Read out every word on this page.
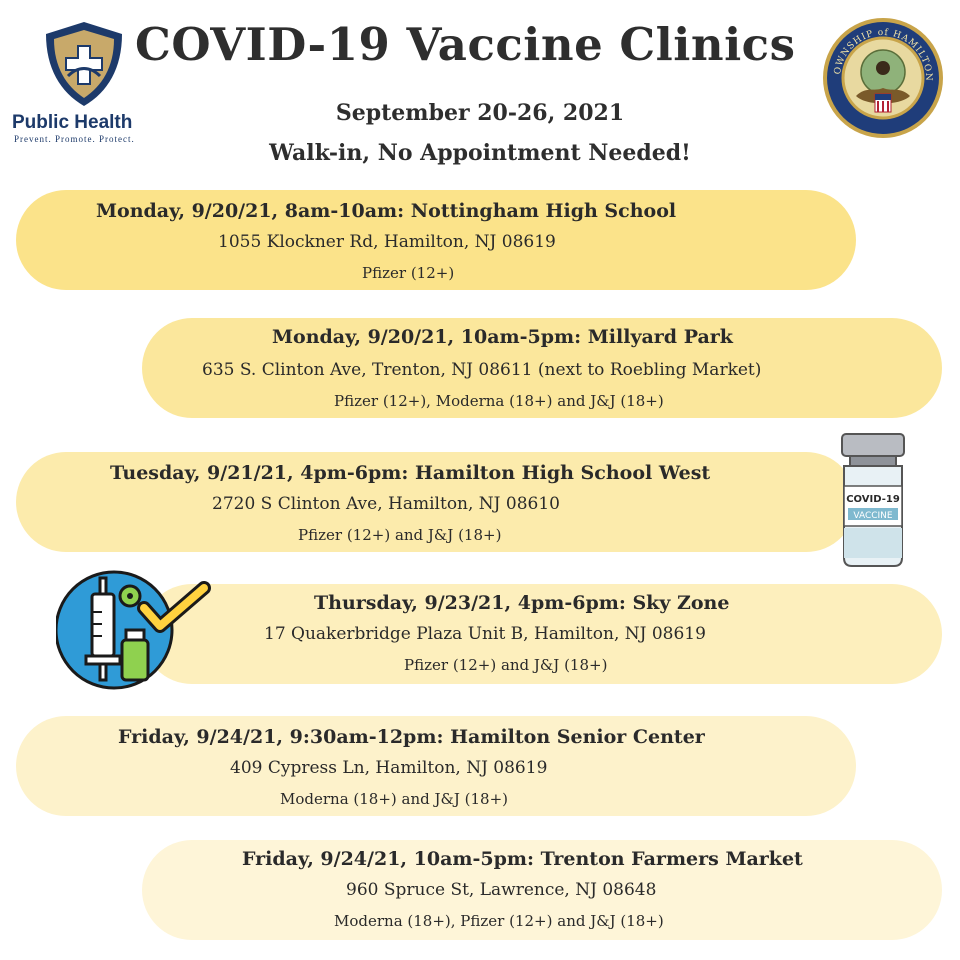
COVID-19 Vaccine Clinics
September 20-26, 2021
Walk-in, No Appointment Needed!
Public Health
Prevent. Promote. Protect.
OWNSHIP of HAMILTON
Monday, 9/20/21, 8am-10am: Nottingham High School
1055 Klockner Rd, Hamilton, NJ 08619
Pfizer (12+)
Monday, 9/20/21, 10am-5pm: Millyard Park
635 S. Clinton Ave, Trenton, NJ 08611 (next to Roebling Market)
Pfizer (12+), Moderna (18+) and J&J (18+)
Tuesday, 9/21/21, 4pm-6pm: Hamilton High School West
2720 S Clinton Ave, Hamilton, NJ 08610
Pfizer (12+) and J&J (18+)
Thursday, 9/23/21, 4pm-6pm: Sky Zone
17 Quakerbridge Plaza Unit B, Hamilton, NJ 08619
Pfizer (12+) and J&J (18+)
Friday, 9/24/21, 9:30am-12pm: Hamilton Senior Center
409 Cypress Ln, Hamilton, NJ 08619
Moderna (18+) and J&J (18+)
Friday, 9/24/21, 10am-5pm: Trenton Farmers Market
960 Spruce St, Lawrence, NJ 08648
Moderna (18+), Pfizer (12+) and J&J (18+)
COVID-19
VACCINE
